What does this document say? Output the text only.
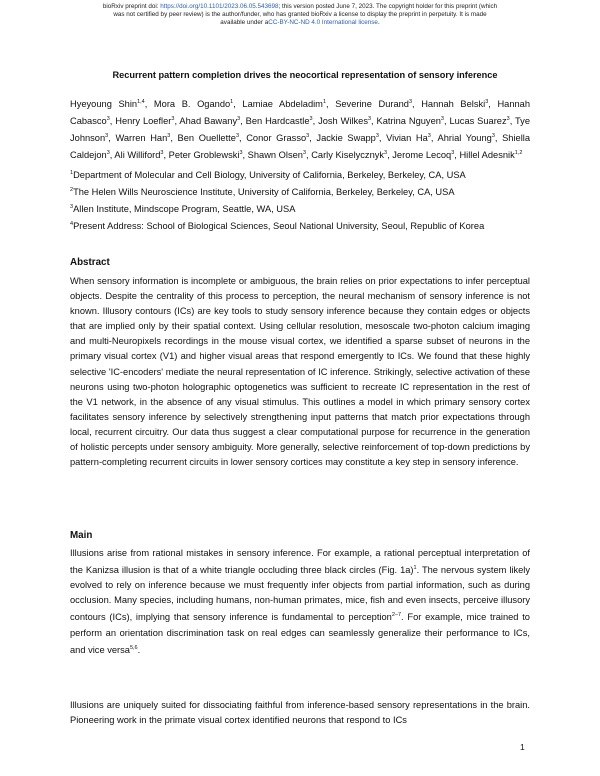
bioRxiv preprint doi: https://doi.org/10.1101/2023.06.05.543698; this version posted June 7, 2023. The copyright holder for this preprint (which
was not certified by peer review) is the author/funder, who has granted bioRxiv a license to display the preprint in perpetuity. It is made
available under aCC-BY-NC-ND 4.0 International license.
Recurrent pattern completion drives the neocortical representation of sensory inference
Hyeyoung Shin$^{1,4}$, Mora B. Ogando$^1$, Lamiae Abdeladim$^1$, Severine Durand$^3$, Hannah Belski$^3$, Hannah Cabasco$^3$, Henry Loefler$^3$, Ahad Bawany$^3$, Ben Hardcastle$^3$, Josh Wilkes$^3$, Katrina Nguyen$^3$, Lucas Suarez$^3$, Tye Johnson$^3$, Warren Han$^3$, Ben Ouellette$^3$, Conor Grasso$^3$, Jackie Swapp$^3$, Vivian Ha$^3$, Ahrial Young$^3$, Shiella Caldejon$^3$, Ali Williford$^3$, Peter Groblewski$^3$, Shawn Olsen$^3$, Carly Kiselycznyk$^3$, Jerome Lecoq$^3$, Hillel Adesnik$^{1,2}$
$^1$Department of Molecular and Cell Biology, University of California, Berkeley, Berkeley, CA, USA
$^2$The Helen Wills Neuroscience Institute, University of California, Berkeley, Berkeley, CA, USA
$^3$Allen Institute, Mindscope Program, Seattle, WA, USA
$^4$Present Address: School of Biological Sciences, Seoul National University, Seoul, Republic of Korea
Abstract

When sensory information is incomplete or ambiguous, the brain relies on prior expectations to infer perceptual objects. Despite the centrality of this process to perception, the neural mechanism of sensory inference is not known. Illusory contours (ICs) are key tools to study sensory inference because they contain edges or objects that are implied only by their spatial context. Using cellular resolution, mesoscale two-photon calcium imaging and multi-Neuropixels recordings in the mouse visual cortex, we identified a sparse subset of neurons in the primary visual cortex (V1) and higher visual areas that respond emergently to ICs. We found that these highly selective 'IC-encoders' mediate the neural representation of IC inference. Strikingly, selective activation of these neurons using two-photon holographic optogenetics was sufficient to recreate IC representation in the rest of the V1 network, in the absence of any visual stimulus. This outlines a model in which primary sensory cortex facilitates sensory inference by selectively strengthening input patterns that match prior expectations through local, recurrent circuitry. Our data thus suggest a clear computational purpose for recurrence in the generation of holistic percepts under sensory ambiguity. More generally, selective reinforcement of top-down predictions by pattern-completing recurrent circuits in lower sensory cortices may constitute a key step in sensory inference.

Main

Illusions arise from rational mistakes in sensory inference. For example, a rational perceptual interpretation of the Kanizsa illusion is that of a white triangle occluding three black circles (Fig. 1a)$^1$. The nervous system likely evolved to rely on inference because we must frequently infer objects from partial information, such as during occlusion. Many species, including humans, non-human primates, mice, fish and even insects, perceive illusory contours (ICs), implying that sensory inference is fundamental to perception$^{2-7}$. For example, mice trained to perform an orientation discrimination task on real edges can seamlessly generalize their performance to ICs, and vice versa$^{5,6}$.

Illusions are uniquely suited for dissociating faithful from inference-based sensory representations in the brain. Pioneering work in the primate visual cortex identified neurons that respond to ICs

1
